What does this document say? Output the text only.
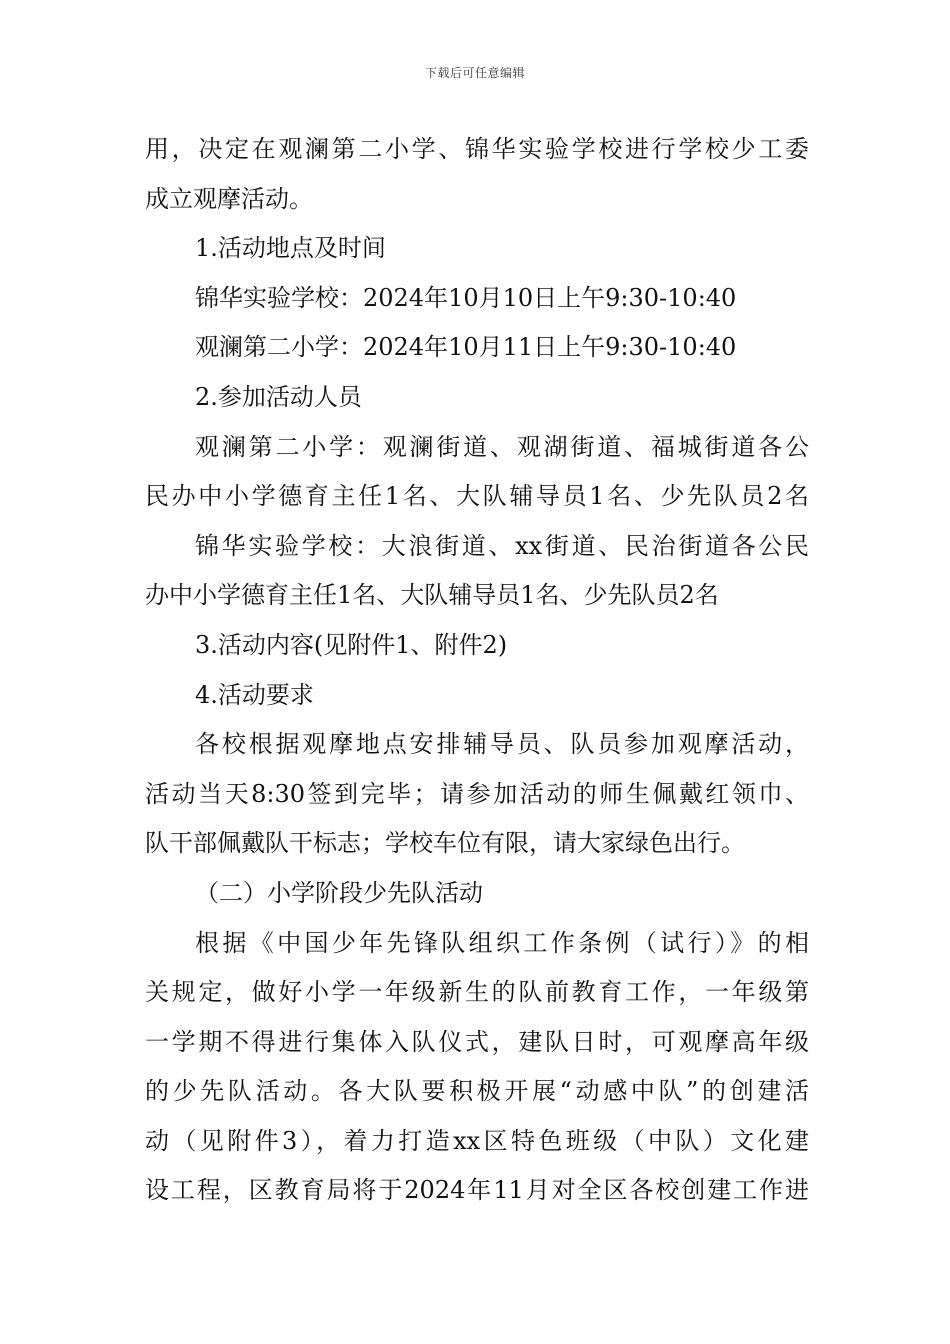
下载后可任意编辑
用，决定在观澜第二小学、锦华实验学校进行学校少工委
成立观摩活动。
1.活动地点及时间
锦华实验学校：2024年10月10日上午9:30-10:40
观澜第二小学：2024年10月11日上午9:30-10:40
2.参加活动人员
观澜第二小学：观澜街道、观湖街道、福城街道各公
民办中小学德育主任1名、大队辅导员1名、少先队员2名
锦华实验学校：大浪街道、xx街道、民治街道各公民
办中小学德育主任1名、大队辅导员1名、少先队员2名
3.活动内容(见附件1、附件2)
4.活动要求
各校根据观摩地点安排辅导员、队员参加观摩活动，
活动当天8:30签到完毕；请参加活动的师生佩戴红领巾、
队干部佩戴队干标志；学校车位有限，请大家绿色出行。
（二）小学阶段少先队活动
根据《中国少年先锋队组织工作条例（试行）》的相
关规定，做好小学一年级新生的队前教育工作，一年级第
一学期不得进行集体入队仪式，建队日时，可观摩高年级
的少先队活动。各大队要积极开展“动感中队”的创建活
动（见附件3），着力打造xx区特色班级（中队）文化建
设工程，区教育局将于2024年11月对全区各校创建工作进
